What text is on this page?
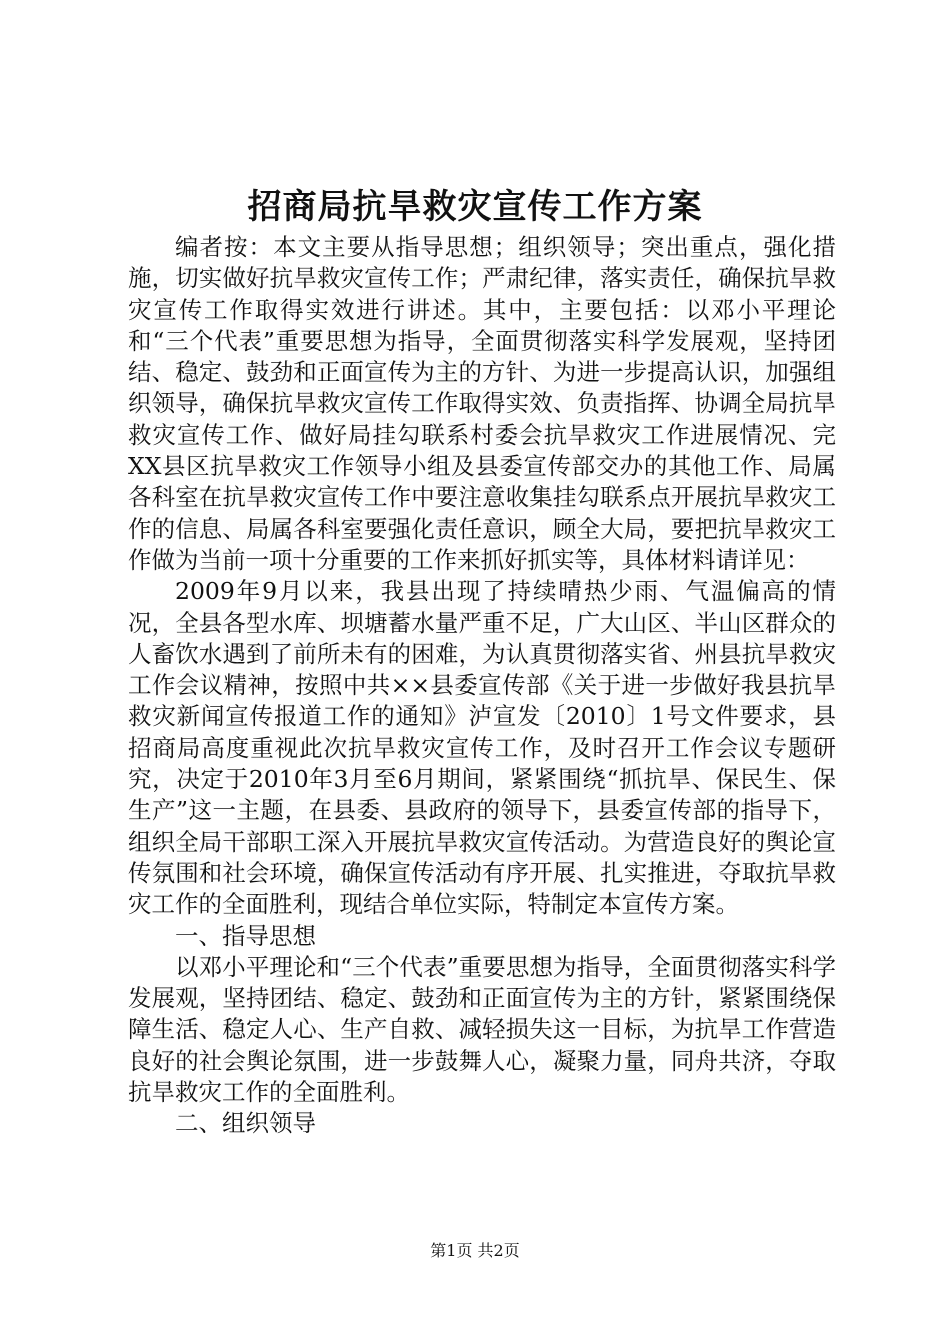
招商局抗旱救灾宣传工作方案

编者按：本文主要从指导思想；组织领导；突出重点，强化措施，切实做好抗旱救灾宣传工作；严肃纪律，落实责任，确保抗旱救灾宣传工作取得实效进行讲述。其中，主要包括：以邓小平理论和“三个代表”重要思想为指导，全面贯彻落实科学发展观，坚持团结、稳定、鼓劲和正面宣传为主的方针、为进一步提高认识，加强组织领导，确保抗旱救灾宣传工作取得实效、负责指挥、协调全局抗旱救灾宣传工作、做好局挂勾联系村委会抗旱救灾工作进展情况、完XX县区抗旱救灾工作领导小组及县委宣传部交办的其他工作、局属各科室在抗旱救灾宣传工作中要注意收集挂勾联系点开展抗旱救灾工作的信息、局属各科室要强化责任意识，顾全大局，要把抗旱救灾工作做为当前一项十分重要的工作来抓好抓实等，具体材料请详见：

2009年9月以来，我县出现了持续晴热少雨、气温偏高的情况，全县各型水库、坝塘蓄水量严重不足，广大山区、半山区群众的人畜饮水遇到了前所未有的困难，为认真贯彻落实省、州县抗旱救灾工作会议精神，按照中共××县委宣传部《关于进一步做好我县抗旱救灾新闻宣传报道工作的通知》泸宣发〔2010〕1号文件要求，县招商局高度重视此次抗旱救灾宣传工作，及时召开工作会议专题研究，决定于2010年3月至6月期间，紧紧围绕“抓抗旱、保民生、保生产”这一主题，在县委、县政府的领导下，县委宣传部的指导下，组织全局干部职工深入开展抗旱救灾宣传活动。为营造良好的舆论宣传氛围和社会环境，确保宣传活动有序开展、扎实推进，夺取抗旱救灾工作的全面胜利，现结合单位实际，特制定本宣传方案。

一、指导思想

以邓小平理论和“三个代表”重要思想为指导，全面贯彻落实科学发展观，坚持团结、稳定、鼓劲和正面宣传为主的方针，紧紧围绕保障生活、稳定人心、生产自救、减轻损失这一目标，为抗旱工作营造良好的社会舆论氛围，进一步鼓舞人心，凝聚力量，同舟共济，夺取抗旱救灾工作的全面胜利。

二、组织领导

第1页 共2页
